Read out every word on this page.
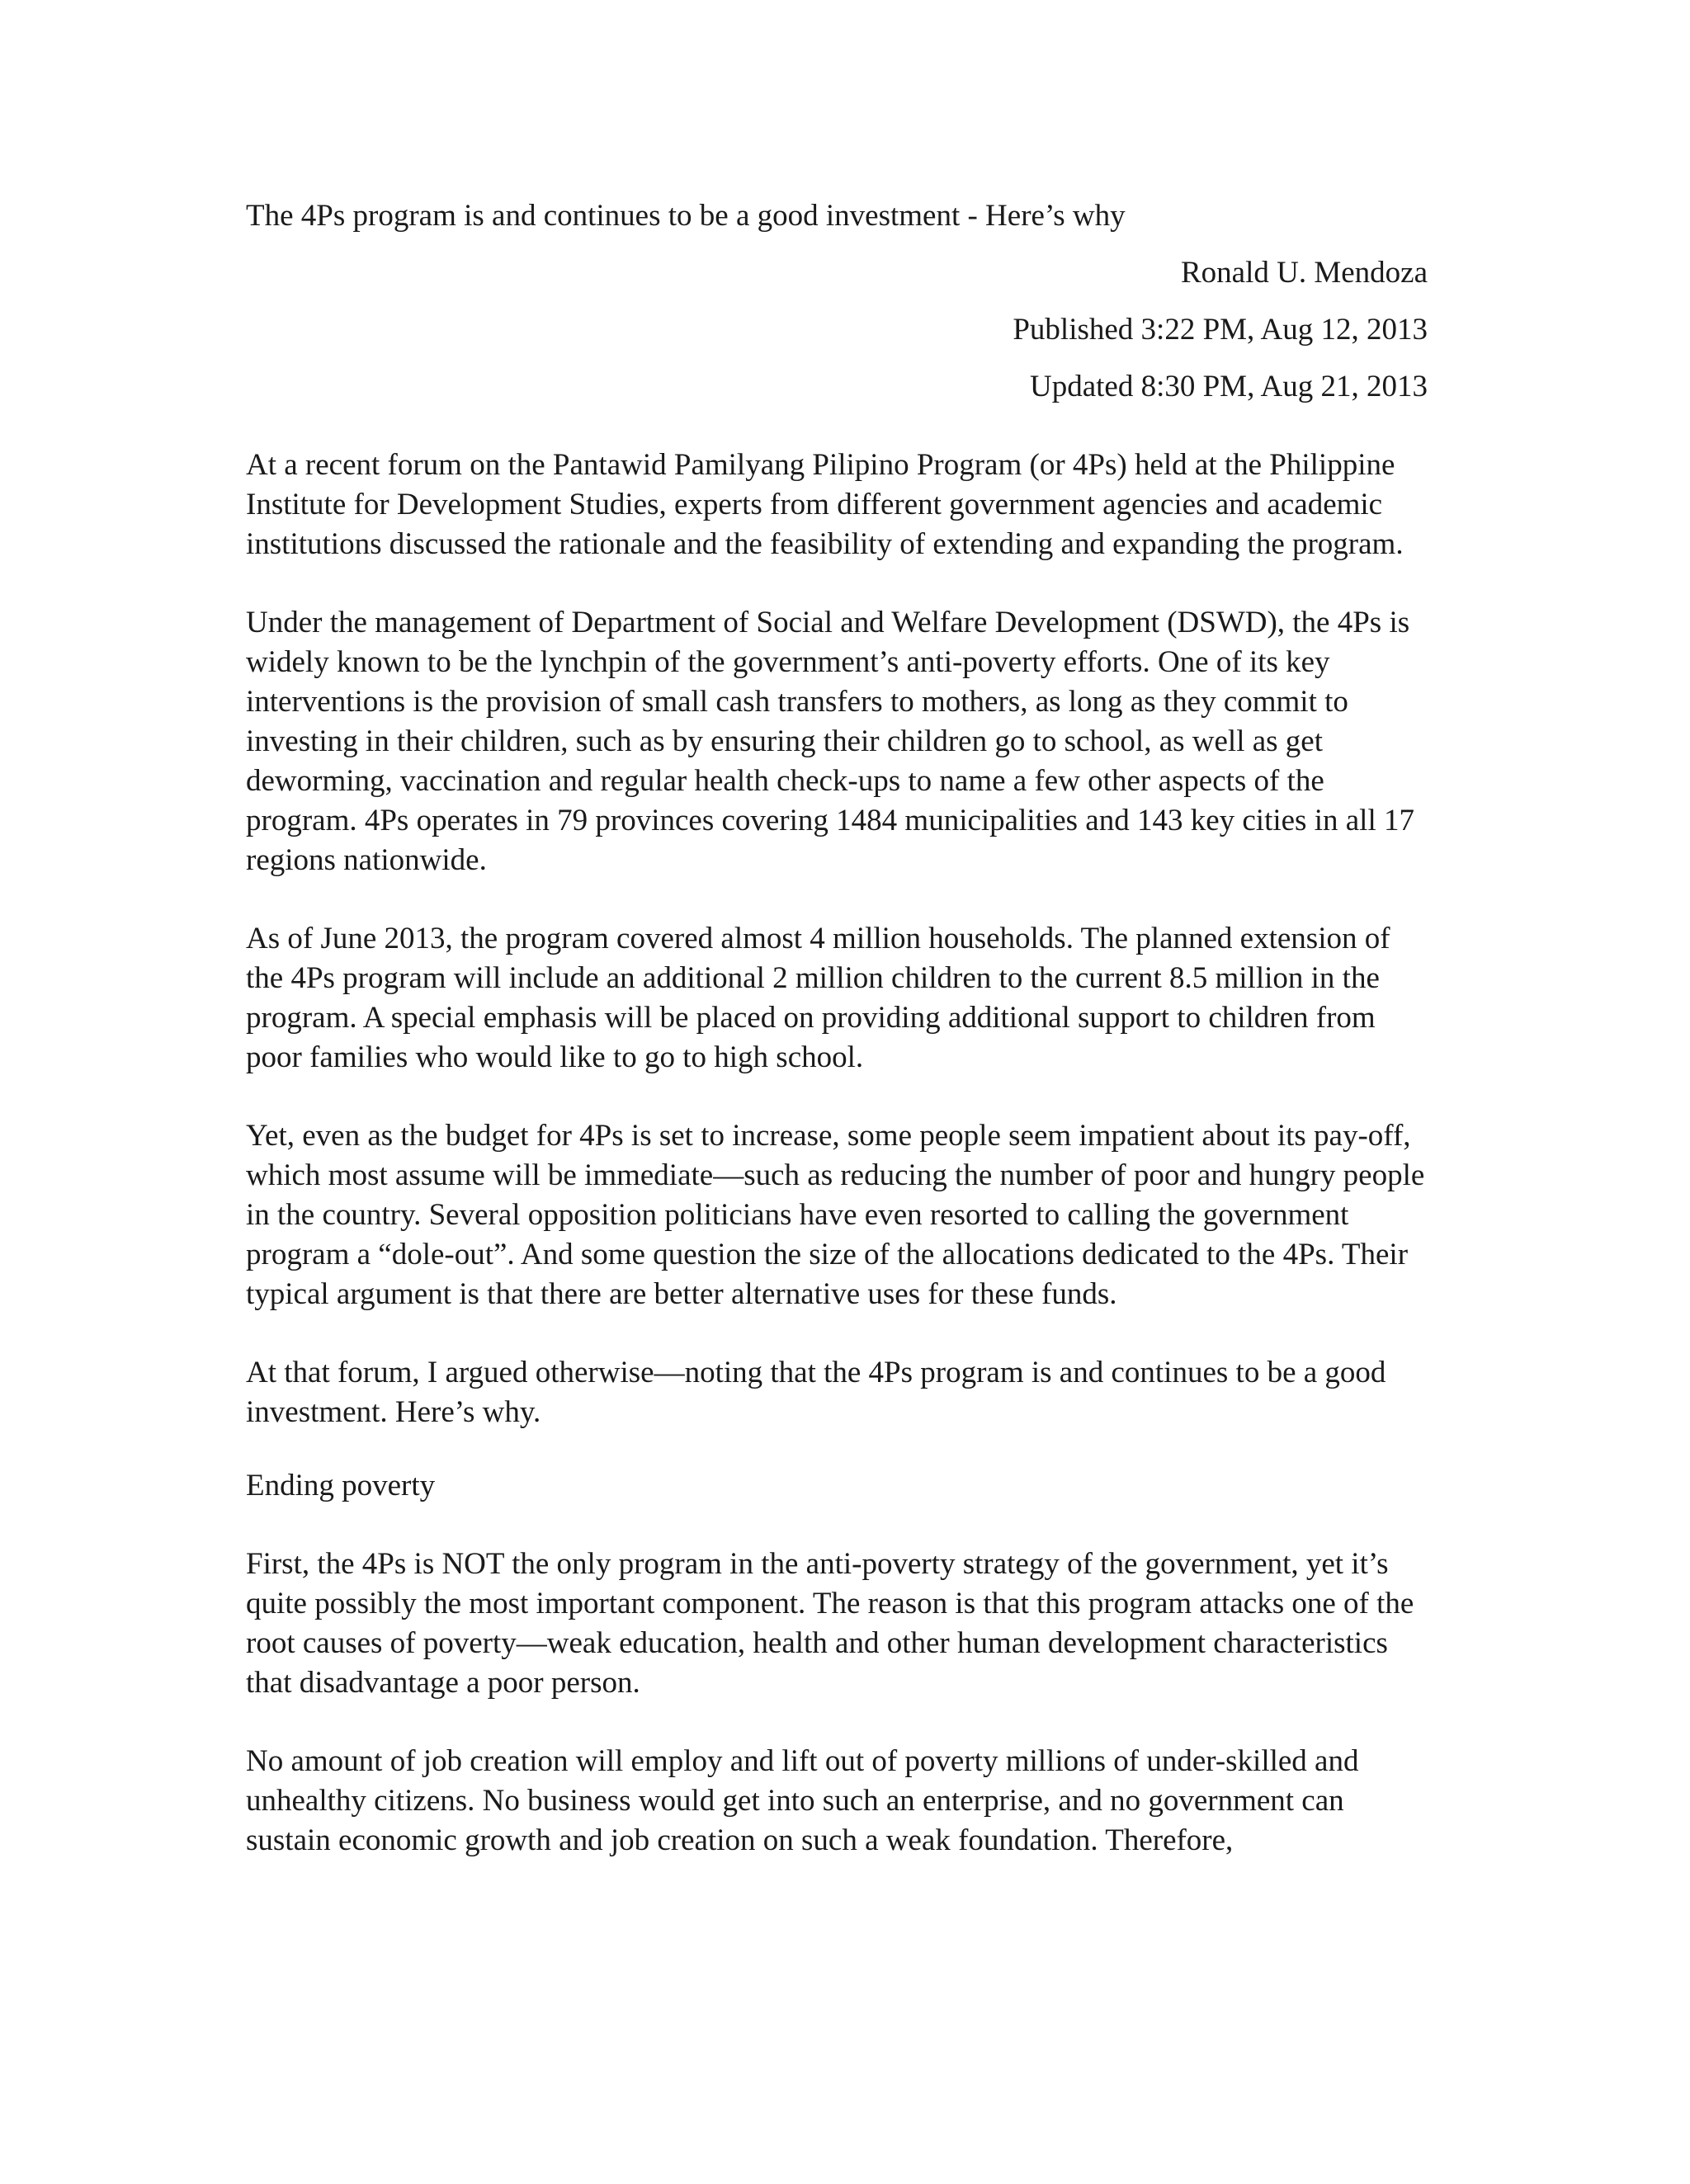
The 4Ps program is and continues to be a good investment - Here’s why
Ronald U. Mendoza
Published 3:22 PM, Aug 12, 2013
Updated 8:30 PM, Aug 21, 2013

At a recent forum on the Pantawid Pamilyang Pilipino Program (or 4Ps) held at the Philippine Institute for Development Studies, experts from different government agencies and academic institutions discussed the rationale and the feasibility of extending and expanding the program.

Under the management of Department of Social and Welfare Development (DSWD), the 4Ps is widely known to be the lynchpin of the government’s anti-poverty efforts. One of its key interventions is the provision of small cash transfers to mothers, as long as they commit to investing in their children, such as by ensuring their children go to school, as well as get deworming, vaccination and regular health check-ups to name a few other aspects of the program. 4Ps operates in 79 provinces covering 1484 municipalities and 143 key cities in all 17 regions nationwide.

As of June 2013, the program covered almost 4 million households. The planned extension of the 4Ps program will include an additional 2 million children to the current 8.5 million in the program. A special emphasis will be placed on providing additional support to children from poor families who would like to go to high school.

Yet, even as the budget for 4Ps is set to increase, some people seem impatient about its pay-off, which most assume will be immediate—such as reducing the number of poor and hungry people in the country. Several opposition politicians have even resorted to calling the government program a “dole-out”. And some question the size of the allocations dedicated to the 4Ps. Their typical argument is that there are better alternative uses for these funds.

At that forum, I argued otherwise—noting that the 4Ps program is and continues to be a good investment. Here’s why.

Ending poverty

First, the 4Ps is NOT the only program in the anti-poverty strategy of the government, yet it’s quite possibly the most important component. The reason is that this program attacks one of the root causes of poverty—weak education, health and other human development characteristics that disadvantage a poor person.

No amount of job creation will employ and lift out of poverty millions of under-skilled and unhealthy citizens. No business would get into such an enterprise, and no government can sustain economic growth and job creation on such a weak foundation. Therefore,
